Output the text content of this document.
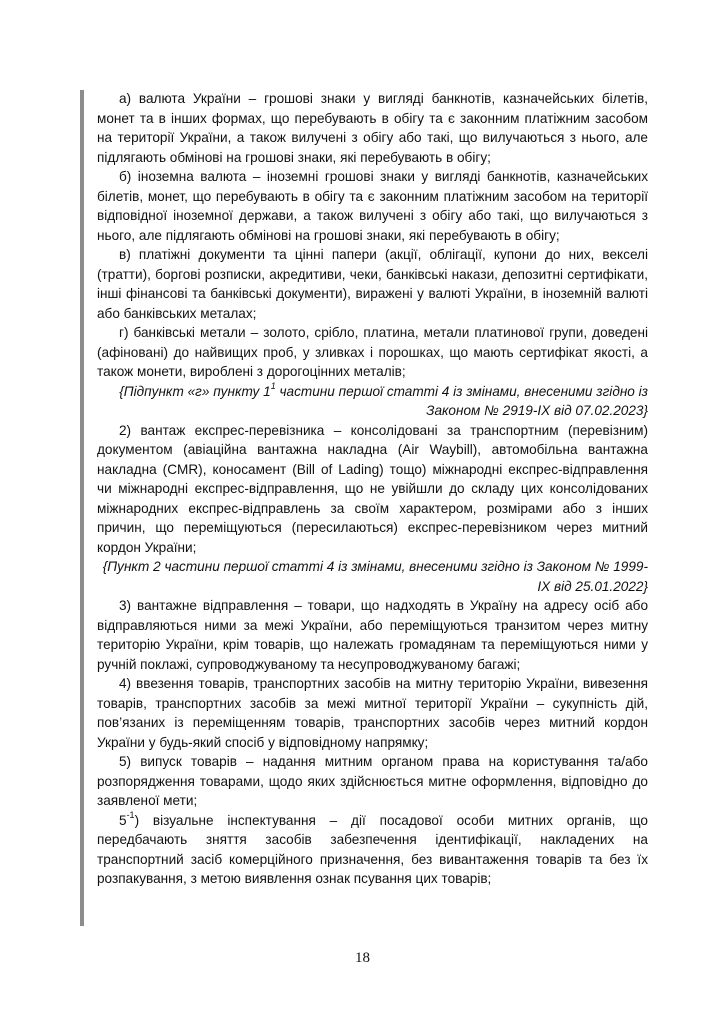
а) валюта України – грошові знаки у вигляді банкнотів, казначейських білетів, монет та в інших формах, що перебувають в обігу та є законним платіжним засобом на території України, а також вилучені з обігу або такі, що вилучаються з нього, але підлягають обмінові на грошові знаки, які перебувають в обігу;

б) іноземна валюта – іноземні грошові знаки у вигляді банкнотів, казначейських білетів, монет, що перебувають в обігу та є законним платіжним засобом на території відповідної іноземної держави, а також вилучені з обігу або такі, що вилучаються з нього, але підлягають обмінові на грошові знаки, які перебувають в обігу;

в) платіжні документи та цінні папери (акції, облігації, купони до них, векселі (тратти), боргові розписки, акредитиви, чеки, банківські накази, депозитні сертифікати, інші фінансові та банківські документи), виражені у валюті України, в іноземній валюті або банківських металах;

г) банківські метали – золото, срібло, платина, метали платинової групи, доведені (афіновані) до найвищих проб, у зливках і порошках, що мають сертифікат якості, а також монети, вироблені з дорогоцінних металів;

{Підпункт «г» пункту $1^1$ частини першої статті 4 із змінами, внесеними згідно із Законом № 2919-IX від 07.02.2023}

2) вантаж експрес-перевізника – консолідовані за транспортним (перевізним) документом (авіаційна вантажна накладна (Air Waybill), автомобільна вантажна накладна (CMR), коносамент (Bill of Lading) тощо) міжнародні експрес-відправлення чи міжнародні експрес-відправлення, що не увійшли до складу цих консолідованих міжнародних експрес-відправлень за своїм характером, розмірами або з інших причин, що переміщуються (пересилаються) експрес-перевізником через митний кордон України;

{Пункт 2 частини першої статті 4 із змінами, внесеними згідно із Законом № 1999-IX від 25.01.2022}

3) вантажне відправлення – товари, що надходять в Україну на адресу осіб або відправляються ними за межі України, або переміщуються транзитом через митну територію України, крім товарів, що належать громадянам та переміщуються ними у ручній поклажі, супроводжуваному та несупроводжуваному багажі;

4) ввезення товарів, транспортних засобів на митну територію України, вивезення товарів, транспортних засобів за межі митної території України – сукупність дій, пов’язаних із переміщенням товарів, транспортних засобів через митний кордон України у будь-який спосіб у відповідному напрямку;

5) випуск товарів – надання митним органом права на користування та/або розпорядження товарами, щодо яких здійснюється митне оформлення, відповідно до заявленої мети;

$5^{-1}$) візуальне інспектування – дії посадової особи митних органів, що передбачають зняття засобів забезпечення ідентифікації, накладених на транспортний засіб комерційного призначення, без вивантаження товарів та без їх розпакування, з метою виявлення ознак псування цих товарів;

18
